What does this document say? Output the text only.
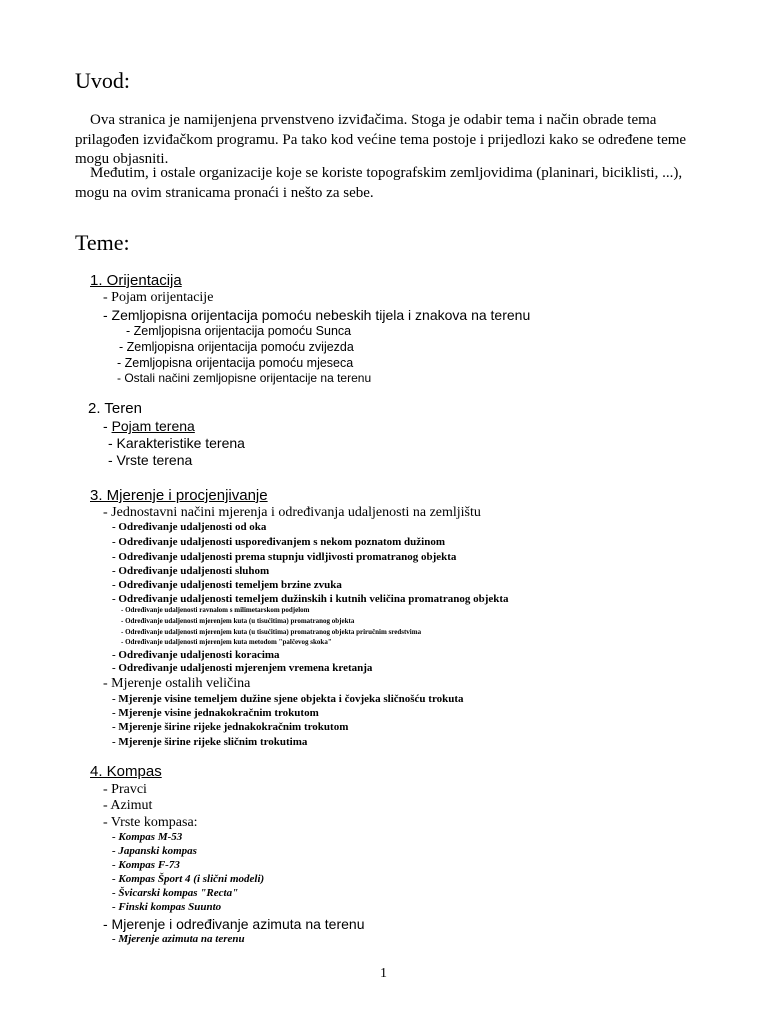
Uvod:
Ova stranica je namijenjena prvenstveno izviđačima. Stoga je odabir tema i način obrade tema prilagođen izviđačkom programu. Pa tako kod većine tema postoje i prijedlozi kako se određene teme mogu objasniti.
Međutim, i ostale organizacije koje se koriste topografskim zemljovidima (planinari, biciklisti, ...), mogu na ovim stranicama pronaći i nešto za sebe.
Teme:
1. Orijentacija
- Pojam orijentacije
- Zemljopisna orijentacija pomoću nebeskih tijela i znakova na terenu
- Zemljopisna orijentacija pomoću Sunca
- Zemljopisna orijentacija pomoću zvijezda
- Zemljopisna orijentacija pomoću mjeseca
- Ostali načini zemljopisne orijentacije na terenu
2. Teren
- Pojam terena
- Karakteristike terena
- Vrste terena
3. Mjerenje i procjenjivanje
- Jednostavni načini mjerenja i određivanja udaljenosti na zemljištu
- Određivanje udaljenosti od oka
- Određivanje udaljenosti uspoređivanjem s nekom poznatom dužinom
- Određivanje udaljenosti prema stupnju vidljivosti promatranog objekta
- Određivanje udaljenosti sluhom
- Određivanje udaljenosti temeljem brzine zvuka
- Određivanje udaljenosti temeljem dužinskih i kutnih veličina promatranog objekta
- Određivanje udaljenosti ravnalom s milimetarskom podjelom
- Određivanje udaljenosti mjerenjem kuta (u tisućitima) promatranog objekta
- Određivanje udaljenosti mjerenjem kuta (u tisućitima) promatranog objekta priručnim sredstvima
- Određivanje udaljenosti mjerenjem kuta metodom "palčevog skoka"
- Određivanje udaljenosti koracima
- Određivanje udaljenosti mjerenjem vremena kretanja
- Mjerenje ostalih veličina
- Mjerenje visine temeljem dužine sjene objekta i čovjeka sličnošću trokuta
- Mjerenje visine jednakokračnim trokutom
- Mjerenje širine rijeke jednakokračnim trokutom
- Mjerenje širine rijeke sličnim trokutima
4. Kompas
- Pravci
- Azimut
- Vrste kompasa:
- Kompas M-53
- Japanski kompas
- Kompas F-73
- Kompas Šport 4 (i slični modeli)
- Švicarski kompas "Recta"
- Finski kompas Suunto
- Mjerenje i određivanje azimuta na terenu
- Mjerenje azimuta na terenu
1
